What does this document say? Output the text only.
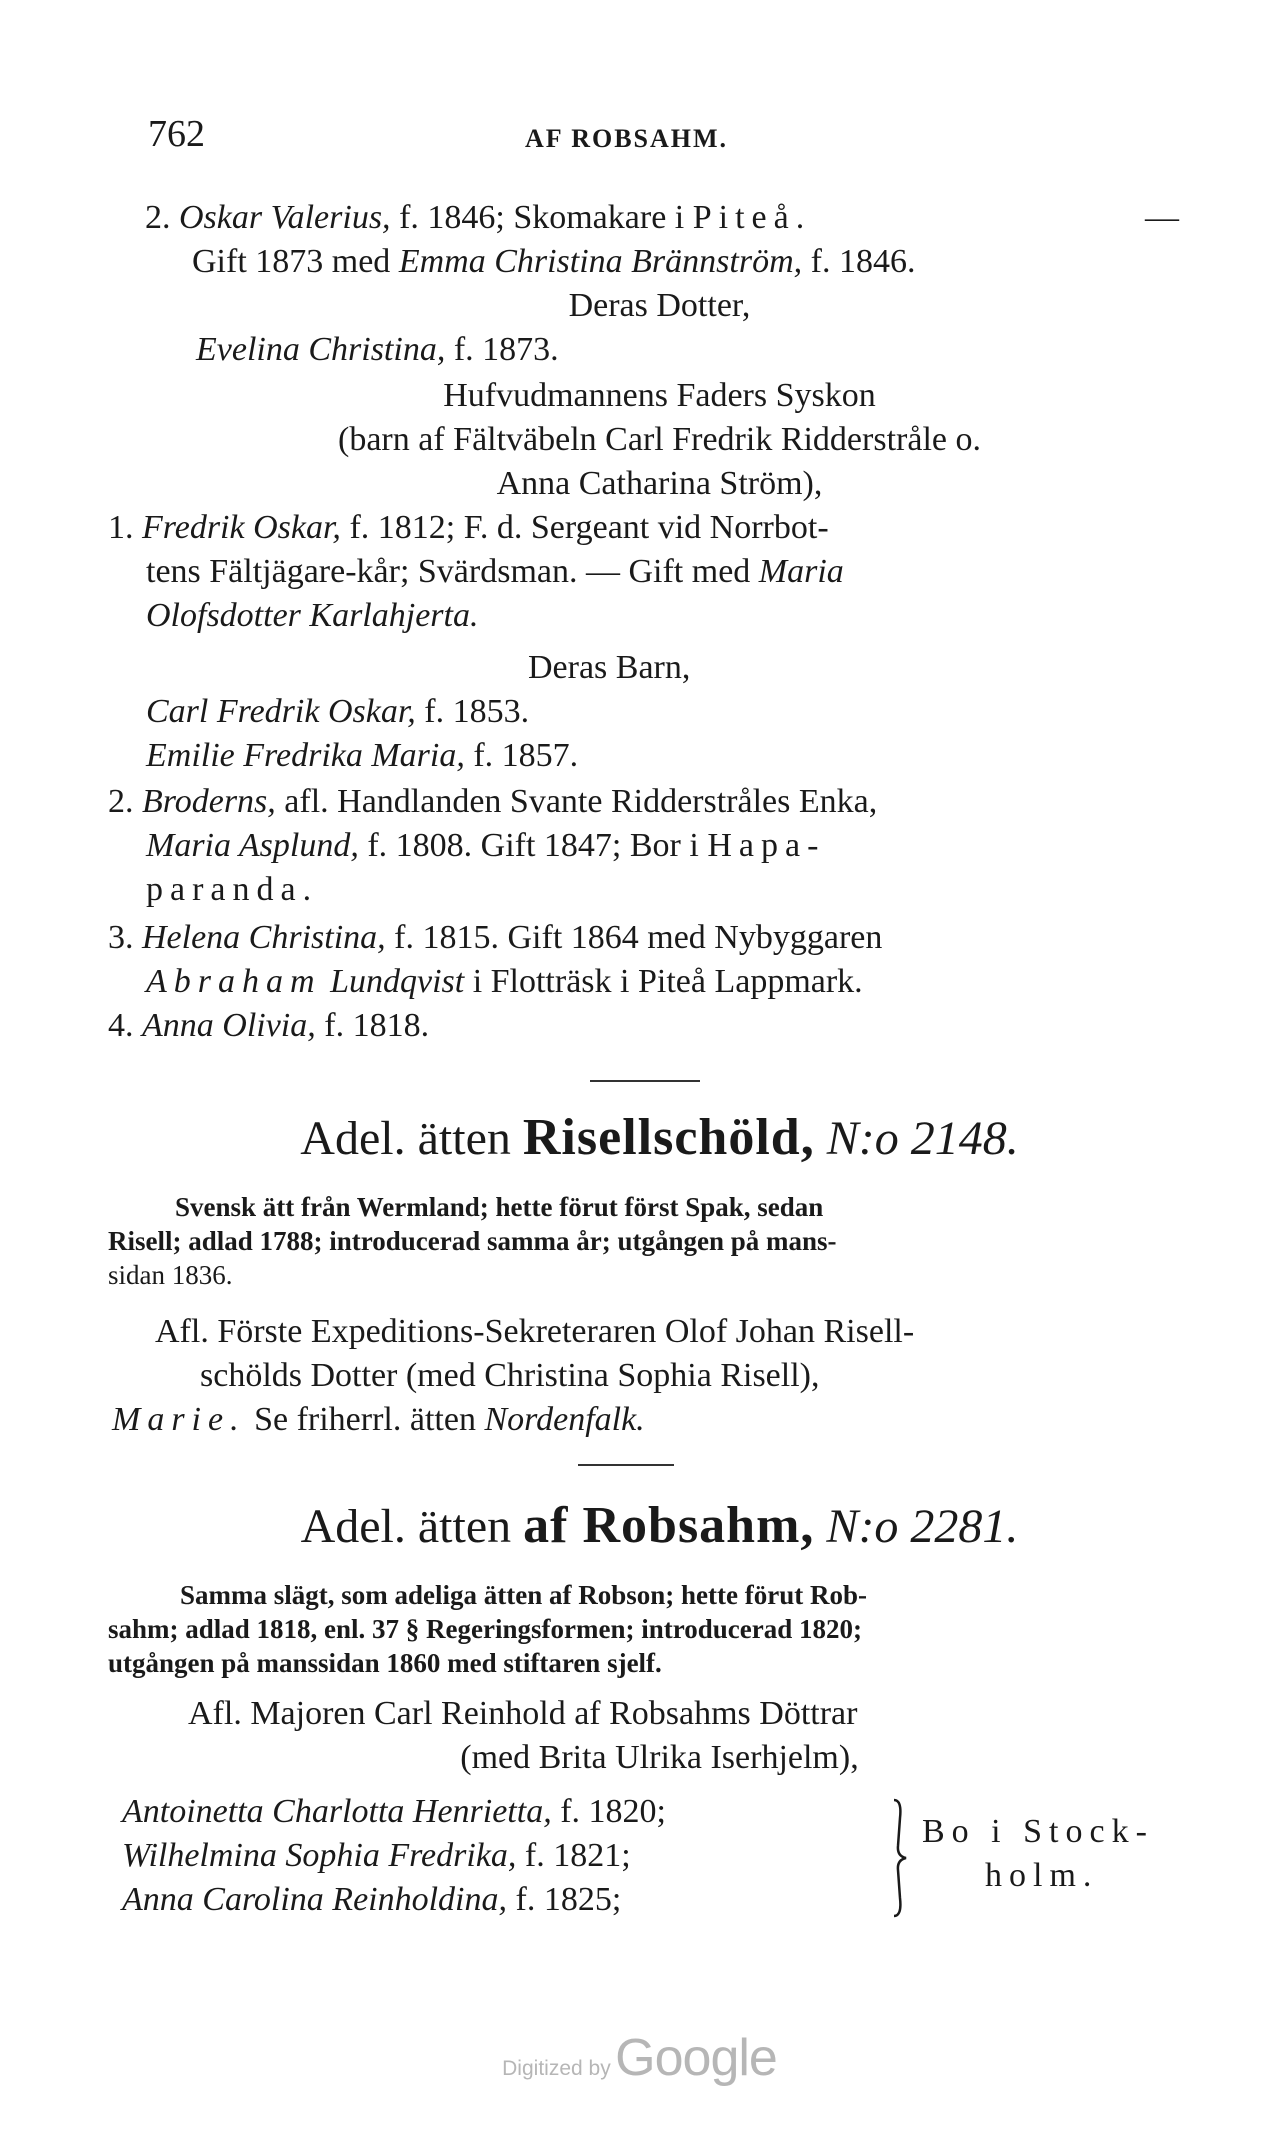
762	AF ROBSAHM.
2. Oskar Valerius, f. 1846; Skomakare i Piteå.	—
Gift 1873 med Emma Christina Brännström, f. 1846.
Deras Dotter,
Evelina Christina, f. 1873.
Hufvudmannens Faders Syskon
(barn af Fältväbeln Carl Fredrik Ridderstråle o.
Anna Catharina Ström),
1. Fredrik Oskar, f. 1812; F. d. Sergeant vid Norrbot-
tens Fältjägare-kår; Svärdsman. — Gift med Maria
Olofsdotter Karlahjerta.
Deras Barn,
Carl Fredrik Oskar, f. 1853.
Emilie Fredrika Maria, f. 1857.
2. Broderns, afl. Handlanden Svante Ridderstråles Enka,
Maria Asplund, f. 1808. Gift 1847; Bor i Hapa-
paranda.
3. Helena Christina, f. 1815. Gift 1864 med Nybyggaren
Abraham Lundqvist i Flotträsk i Piteå Lappmark.
4. Anna Olivia, f. 1818.
Adel. ätten Risellschöld, N:o 2148.
Svensk ätt från Wermland; hette förut först Spak, sedan
Risell; adlad 1788; introducerad samma år; utgången på mans-
sidan 1836.
Afl. Förste Expeditions-Sekreteraren Olof Johan Risell-
schölds Dotter (med Christina Sophia Risell),
Marie. Se friherrl. ätten Nordenfalk.
Adel. ätten af Robsahm, N:o 2281.
Samma slägt, som adeliga ätten af Robson; hette förut Rob-
sahm; adlad 1818, enl. 37 § Regeringsformen; introducerad 1820;
utgången på manssidan 1860 med stiftaren sjelf.
Afl. Majoren Carl Reinhold af Robsahms Döttrar
(med Brita Ulrika Iserhjelm),
Antoinetta Charlotta Henrietta, f. 1820;
Wilhelmina Sophia Fredrika, f. 1821;
Anna Carolina Reinholdina, f. 1825;
Bo i Stock-
holm.
Digitized by Google
